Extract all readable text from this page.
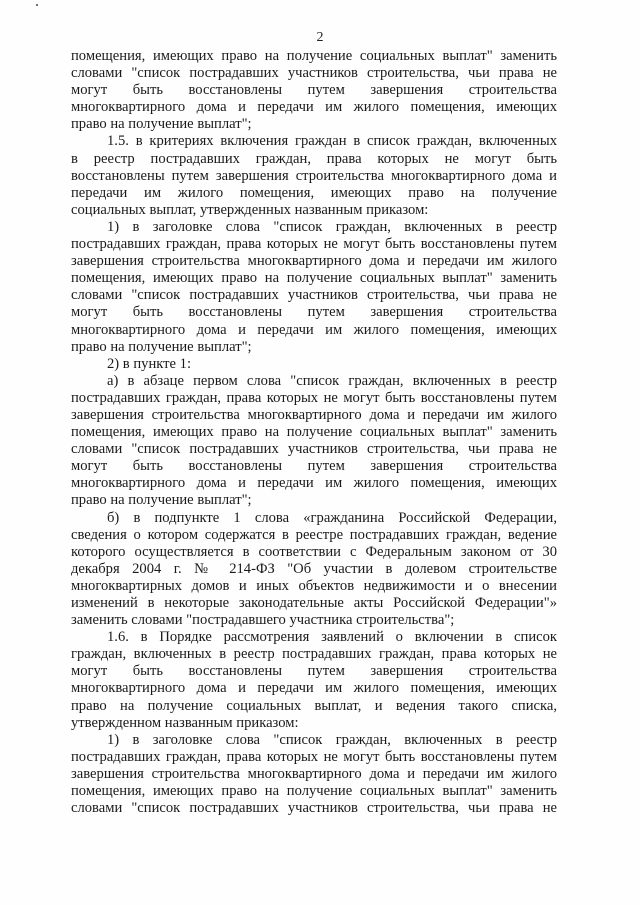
2
помещения, имеющих право на получение социальных выплат" заменить
словами "список пострадавших участников строительства, чьи права не
могут быть восстановлены путем завершения строительства
многоквартирного дома и передачи им жилого помещения, имеющих
право на получение выплат";
1.5. в критериях включения граждан в список граждан, включенных
в реестр пострадавших граждан, права которых не могут быть
восстановлены путем завершения строительства многоквартирного дома и
передачи им жилого помещения, имеющих право на получение
социальных выплат, утвержденных названным приказом:
1) в заголовке слова "список граждан, включенных в реестр
пострадавших граждан, права которых не могут быть восстановлены путем
завершения строительства многоквартирного дома и передачи им жилого
помещения, имеющих право на получение социальных выплат" заменить
словами "список пострадавших участников строительства, чьи права не
могут быть восстановлены путем завершения строительства
многоквартирного дома и передачи им жилого помещения, имеющих
право на получение выплат";
2) в пункте 1:
а) в абзаце первом слова "список граждан, включенных в реестр
пострадавших граждан, права которых не могут быть восстановлены путем
завершения строительства многоквартирного дома и передачи им жилого
помещения, имеющих право на получение социальных выплат" заменить
словами "список пострадавших участников строительства, чьи права не
могут быть восстановлены путем завершения строительства
многоквартирного дома и передачи им жилого помещения, имеющих
право на получение выплат";
б) в подпункте 1 слова «гражданина Российской Федерации,
сведения о котором содержатся в реестре пострадавших граждан, ведение
которого осуществляется в соответствии с Федеральным законом от 30
декабря 2004 г. № 214-ФЗ "Об участии в долевом строительстве
многоквартирных домов и иных объектов недвижимости и о внесении
изменений в некоторые законодательные акты Российской Федерации"»
заменить словами "пострадавшего участника строительства";
1.6. в Порядке рассмотрения заявлений о включении в список
граждан, включенных в реестр пострадавших граждан, права которых не
могут быть восстановлены путем завершения строительства
многоквартирного дома и передачи им жилого помещения, имеющих
право на получение социальных выплат, и ведения такого списка,
утвержденном названным приказом:
1) в заголовке слова "список граждан, включенных в реестр
пострадавших граждан, права которых не могут быть восстановлены путем
завершения строительства многоквартирного дома и передачи им жилого
помещения, имеющих право на получение социальных выплат" заменить
словами "список пострадавших участников строительства, чьи права не
